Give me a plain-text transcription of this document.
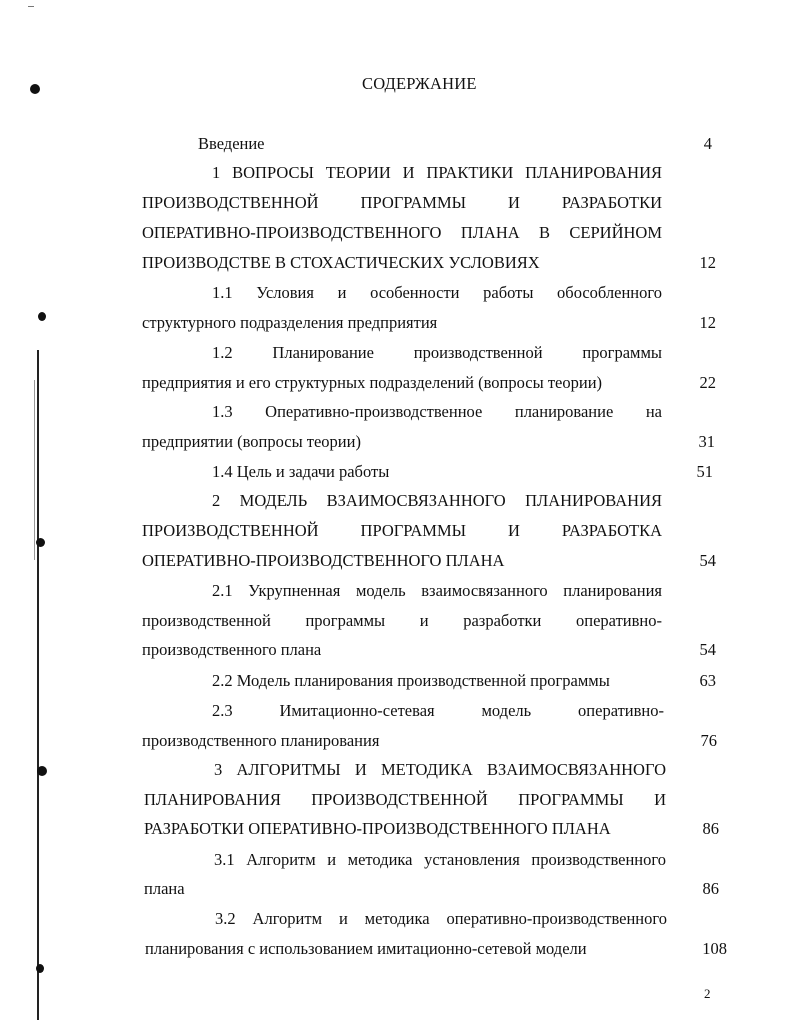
СОДЕРЖАНИЕ
Введение	4
1 ВОПРОСЫ ТЕОРИИ И ПРАКТИКИ ПЛАНИРОВАНИЯ
ПРОИЗВОДСТВЕННОЙ ПРОГРАММЫ И РАЗРАБОТКИ
ОПЕРАТИВНО-ПРОИЗВОДСТВЕННОГО ПЛАНА В СЕРИЙНОМ
ПРОИЗВОДСТВЕ В СТОХАСТИЧЕСКИХ УСЛОВИЯХ	12
1.1 Условия и особенности работы обособленного
структурного подразделения предприятия	12
1.2 Планирование производственной программы
предприятия и его структурных подразделений (вопросы теории)	22
1.3 Оперативно-производственное планирование на
предприятии (вопросы теории)	31
1.4 Цель и задачи работы	51
2 МОДЕЛЬ ВЗАИМОСВЯЗАННОГО ПЛАНИРОВАНИЯ
ПРОИЗВОДСТВЕННОЙ ПРОГРАММЫ И РАЗРАБОТКА
ОПЕРАТИВНО-ПРОИЗВОДСТВЕННОГО ПЛАНА	54
2.1 Укрупненная модель взаимосвязанного планирования
производственной программы и разработки оперативно-
производственного плана	54
2.2 Модель планирования производственной программы	63
2.3 Имитационно-сетевая модель оперативно-
производственного планирования	76
3 АЛГОРИТМЫ И МЕТОДИКА ВЗАИМОСВЯЗАННОГО
ПЛАНИРОВАНИЯ ПРОИЗВОДСТВЕННОЙ ПРОГРАММЫ И
РАЗРАБОТКИ ОПЕРАТИВНО-ПРОИЗВОДСТВЕННОГО ПЛАНА	86
3.1 Алгоритм и методика установления производственного
плана	86
3.2 Алгоритм и методика оперативно-производственного
планирования с использованием имитационно-сетевой модели	108
2
